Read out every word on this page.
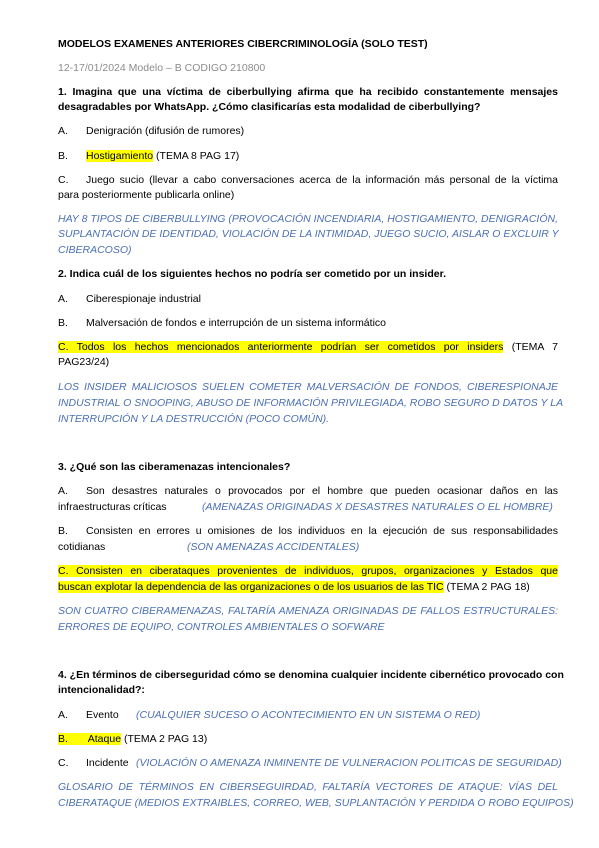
MODELOS EXAMENES ANTERIORES CIBERCRIMINOLOGÍA (SOLO TEST)
12-17/01/2024 Modelo – B CODIGO 210800
1. Imagina que una víctima de ciberbullying afirma que ha recibido constantemente mensajes
desagradables por WhatsApp. ¿Cómo clasificarías esta modalidad de ciberbullying?
A. Denigración (difusión de rumores)
B. Hostigamiento (TEMA 8 PAG 17)
C. Juego sucio (llevar a cabo conversaciones acerca de la información más personal de la víctima
para posteriormente publicarla online)
HAY 8 TIPOS DE CIBERBULLYING (PROVOCACIÓN INCENDIARIA, HOSTIGAMIENTO, DENIGRACIÓN,
SUPLANTACIÓN DE IDENTIDAD, VIOLACIÓN DE LA INTIMIDAD, JUEGO SUCIO, AISLAR O EXCLUIR Y
CIBERACOSO)
2. Indica cuál de los siguientes hechos no podría ser cometido por un insider.
A. Ciberespionaje industrial
B. Malversación de fondos e interrupción de un sistema informático
C. Todos los hechos mencionados anteriormente podrían ser cometidos por insiders (TEMA 7
PAG23/24)
LOS INSIDER MALICIOSOS SUELEN COMETER MALVERSACIÓN DE FONDOS, CIBERESPIONAJE
INDUSTRIAL O SNOOPING, ABUSO DE INFORMACIÓN PRIVILEGIADA, ROBO SEGURO D DATOS Y LA
INTERRUPCIÓN Y LA DESTRUCCIÓN (POCO COMÚN).
3. ¿Qué son las ciberamenazas intencionales?
A. Son desastres naturales o provocados por el hombre que pueden ocasionar daños en las
infraestructuras críticas	(AMENAZAS ORIGINADAS X DESASTRES NATURALES O EL HOMBRE)
B. Consisten en errores u omisiones de los individuos en la ejecución de sus responsabilidades
cotidianas	(SON AMENAZAS ACCIDENTALES)
C. Consisten en ciberataques provenientes de individuos, grupos, organizaciones y Estados que
buscan explotar la dependencia de las organizaciones o de los usuarios de las TIC (TEMA 2 PAG 18)
SON CUATRO CIBERAMENAZAS, FALTARÍA AMENAZA ORIGINADAS DE FALLOS ESTRUCTURALES:
ERRORES DE EQUIPO, CONTROLES AMBIENTALES O SOFWARE
4. ¿En términos de ciberseguridad cómo se denomina cualquier incidente cibernético provocado con
intencionalidad?:
A. Evento (CUALQUIER SUCESO O ACONTECIMIENTO EN UN SISTEMA O RED)
B.       Ataque (TEMA 2 PAG 13)
C. Incidente (VIOLACIÓN O AMENAZA INMINENTE DE VULNERACION POLITICAS DE SEGURIDAD)
GLOSARIO DE TÉRMINOS EN CIBERSEGUIRDAD, FALTARÍA VECTORES DE ATAQUE: VÍAS DEL
CIBERATAQUE (MEDIOS EXTRAIBLES, CORREO, WEB, SUPLANTACIÓN Y PERDIDA O ROBO EQUIPOS)
